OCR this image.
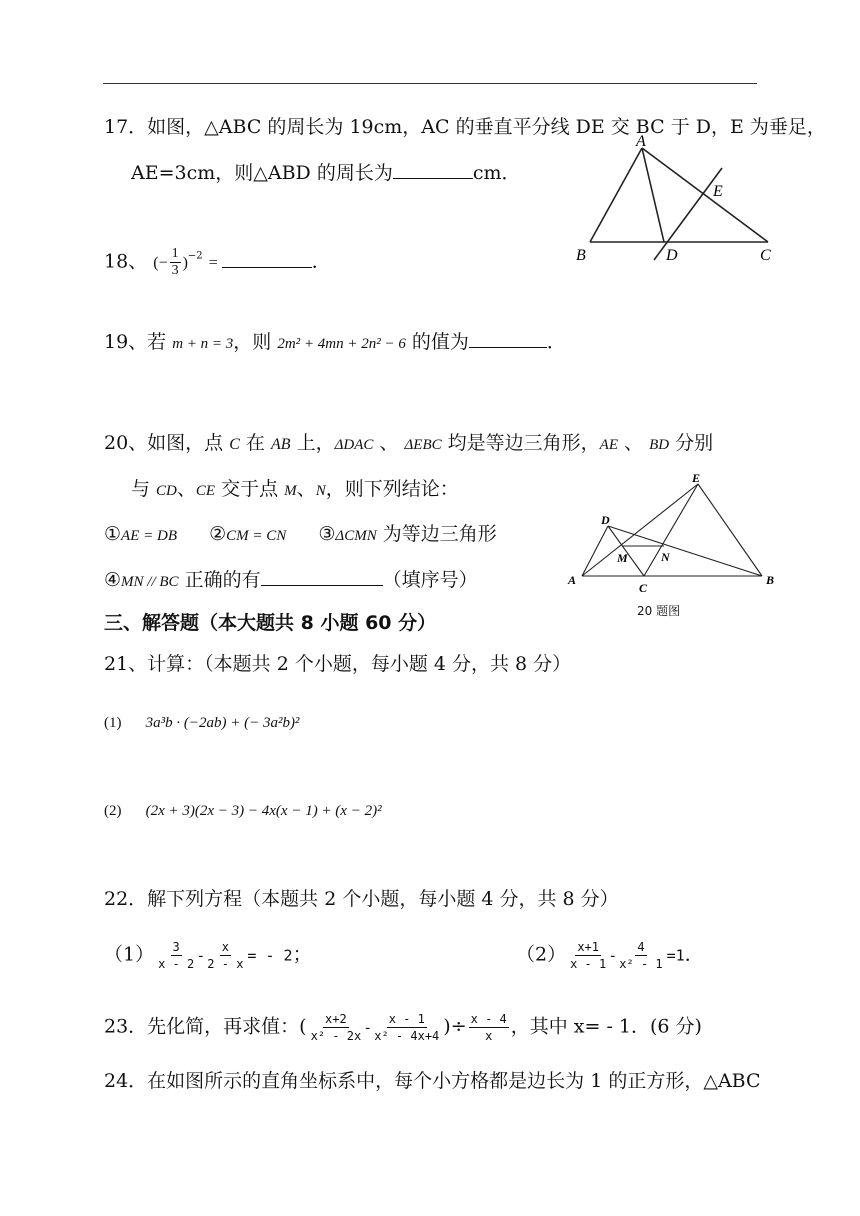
17．如图，△ABC 的周长为 19cm，AC 的垂直平分线 DE 交 BC 于 D，E 为垂足，
AE=3cm，则△ABD 的周长为	cm．
A
B	C
D
E
18、 (− $\frac{1}{3} )^{-2}$ =	．
19、若 m + n = 3，则 2m² + 4mn + 2n² − 6 的值为	．
20、如图，点 C 在 AB 上，ΔDAC 、 ΔEBC 均是等边三角形，AE 、 BD 分别
与 CD、CE 交于点 M、N，则下列结论：
①AE = DB ②CM = CN ③ΔCMN 为等边三角形
④MN // BC 正确的有	（填序号）
E
D
M	N
A
C
B
20 题图
三、解答题（本大题共 8 小题 60 分）
21、计算：（本题共 2 个小题，每小题 4 分，共 8 分）
(1) 3a³b · (−2ab) + (− 3a²b)²
(2) (2x + 3)(2x − 3) − 4x(x − 1) + (x − 2)²
22．解下列方程（本题共 2 个小题，每小题 4 分，共 8 分）
$(1) \frac{3}{x - 2} - \frac{x}{2 - x}$ = - 2；	$(2) \frac{x+1}{x - 1} - \frac{4}{\text{x² - 1}} =1$．
23．先化简，再求值：( $\frac{x+2}{\text{x² - 2x}} - \frac{x - 1}{\text{x² - 4x+4}}$ )÷ $\frac{x - 4}{x}$ ，其中 x= - 1．(6 分)
24．在如图所示的直角坐标系中，每个小方格都是边长为 1 的正方形，△ABC
